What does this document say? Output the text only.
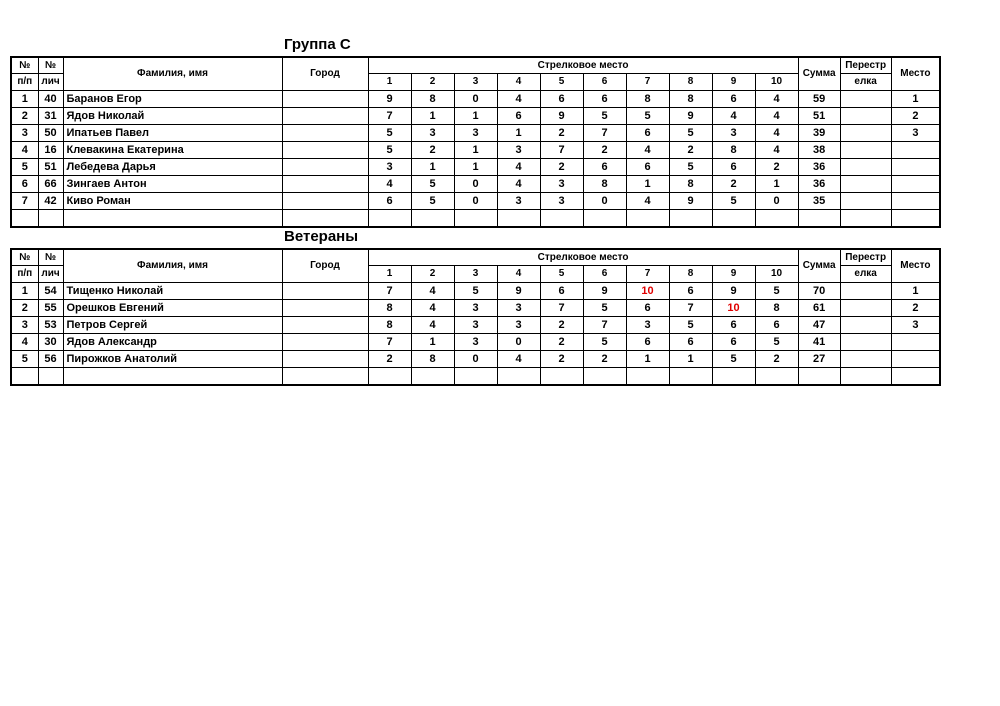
Группа С
№	№	Фамилия, имя	Город	Стрелковое место										Сумма	Перестр	Место
п/п	лич			1	2	3	4	5	6	7	8	9	10		елка	
1	40	Баранов Егор		9	8	0	4	6	6	8	8	6	4	59		1
2	31	Ядов Николай		7	1	1	6	9	5	5	9	4	4	51		2
3	50	Ипатьев Павел		5	3	3	1	2	7	6	5	3	4	39		3
4	16	Клевакина Екатерина		5	2	1	3	7	2	4	2	8	4	38		
5	51	Лебедева Дарья		3	1	1	4	2	6	6	5	6	2	36		
6	66	Зингаев Антон		4	5	0	4	3	8	1	8	2	1	36		
7	42	Киво Роман		6	5	0	3	3	0	4	9	5	0	35		

Ветераны
№	№	Фамилия, имя	Город	Стрелковое место										Сумма	Перестр	Место
п/п	лич			1	2	3	4	5	6	7	8	9	10		елка	
1	54	Тищенко Николай		7	4	5	9	6	9	10	6	9	5	70		1
2	55	Орешков Евгений		8	4	3	3	7	5	6	7	10	8	61		2
3	53	Петров Сергей		8	4	3	3	2	7	3	5	6	6	47		3
4	30	Ядов Александр		7	1	3	0	2	5	6	6	6	5	41		
5	56	Пирожков Анатолий		2	8	0	4	2	2	1	1	5	2	27		
